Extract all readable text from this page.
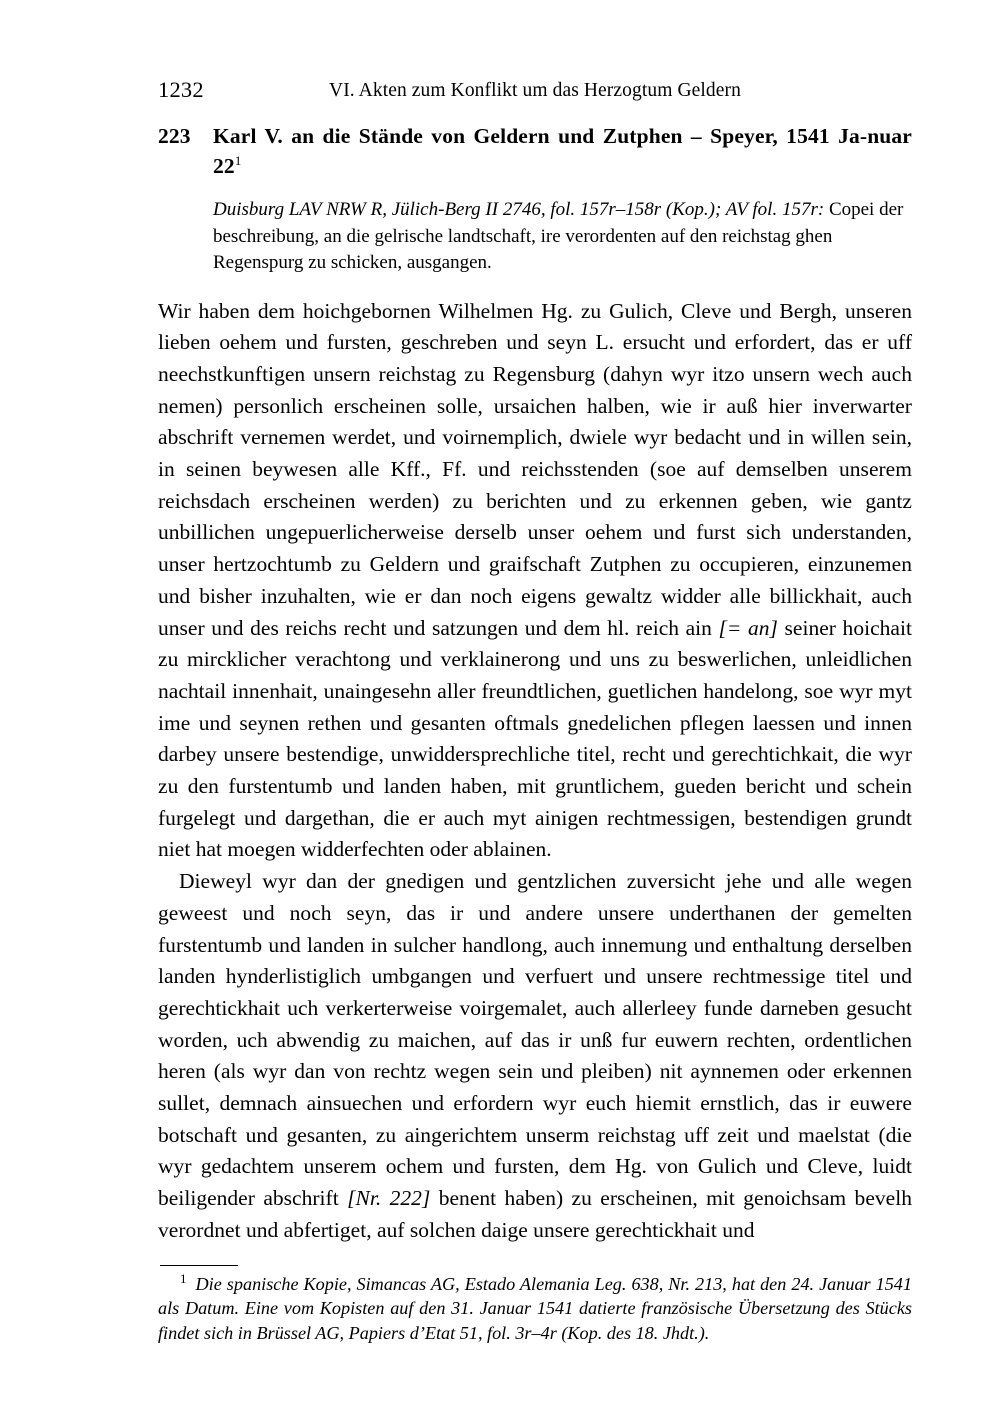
1232	VI. Akten zum Konflikt um das Herzogtum Geldern
223 Karl V. an die Stände von Geldern und Zutphen – Speyer, 1541 Ja-nuar $22^1$
Duisburg LAV NRW R, Jülich-Berg II 2746, fol. 157r–158r (Kop.); AV fol. 157r: Copei der beschreibung, an die gelrische landtschaft, ire verordenten auf den reichstag ghen Regenspurg zu schicken, ausgangen.

Wir haben dem hoichgebornen Wilhelmen Hg. zu Gulich, Cleve und Bergh, unseren lieben oehem und fursten, geschreben und seyn L. ersucht und erfordert, das er uff neechstkunftigen unsern reichstag zu Regensburg (dahyn wyr itzo unsern wech auch nemen) personlich erscheinen solle, ursaichen halben, wie ir auß hier inverwarter abschrift vernemen werdet, und voirnemplich, dwiele wyr bedacht und in willen sein, in seinen beywesen alle Kff., Ff. und reichsstenden (soe auf demselben unserem reichsdach erscheinen werden) zu berichten und zu erkennen geben, wie gantz unbillichen ungepuerlicherweise derselb unser oehem und furst sich understanden, unser hertzochtumb zu Geldern und graifschaft Zutphen zu occupieren, einzunemen und bisher inzuhalten, wie er dan noch eigens gewaltz widder alle billickhait, auch unser und des reichs recht und satzungen und dem hl. reich ain [= an] seiner hoichait zu mircklicher verachtong und verklainerong und uns zu beswerlichen, unleidlichen nachtail innenhait, unaingesehn aller freundtlichen, guetlichen handelong, soe wyr myt ime und seynen rethen und gesanten oftmals gnedelichen pflegen laessen und innen darbey unsere bestendige, unwiddersprechliche titel, recht und gerechtichkait, die wyr zu den furstentumb und landen haben, mit gruntlichem, gueden bericht und schein furgelegt und dargethan, die er auch myt ainigen rechtmessigen, bestendigen grundt niet hat moegen widderfechten oder ablainen.

Dieweyl wyr dan der gnedigen und gentzlichen zuversicht jehe und alle wegen geweest und noch seyn, das ir und andere unsere underthanen der gemelten furstentumb und landen in sulcher handlong, auch innemung und enthaltung derselben landen hynderlistiglich umbgangen und verfuert und unsere rechtmessige titel und gerechtickhait uch verkerterweise voirgemalet, auch allerleey funde darneben gesucht worden, uch abwendig zu maichen, auf das ir unß fur euwern rechten, ordentlichen heren (als wyr dan von rechtz wegen sein und pleiben) nit aynnemen oder erkennen sullet, demnach ainsuechen und erfordern wyr euch hiemit ernstlich, das ir euwere botschaft und gesanten, zu aingerichtem unserm reichstag uff zeit und maelstat (die wyr gedachtem unserem ochem und fursten, dem Hg. von Gulich und Cleve, luidt beiligender abschrift [Nr. 222] benent haben) zu erscheinen, mit genoichsam bevelh verordnet und abfertiget, auf solchen daige unsere gerechtickhait und

$^1$ Die spanische Kopie, Simancas AG, Estado Alemania Leg. 638, Nr. 213, hat den 24. Januar 1541 als Datum. Eine vom Kopisten auf den 31. Januar 1541 datierte französische Übersetzung des Stücks findet sich in Brüssel AG, Papiers d’Etat 51, fol. 3r–4r (Kop. des 18. Jhdt.).
